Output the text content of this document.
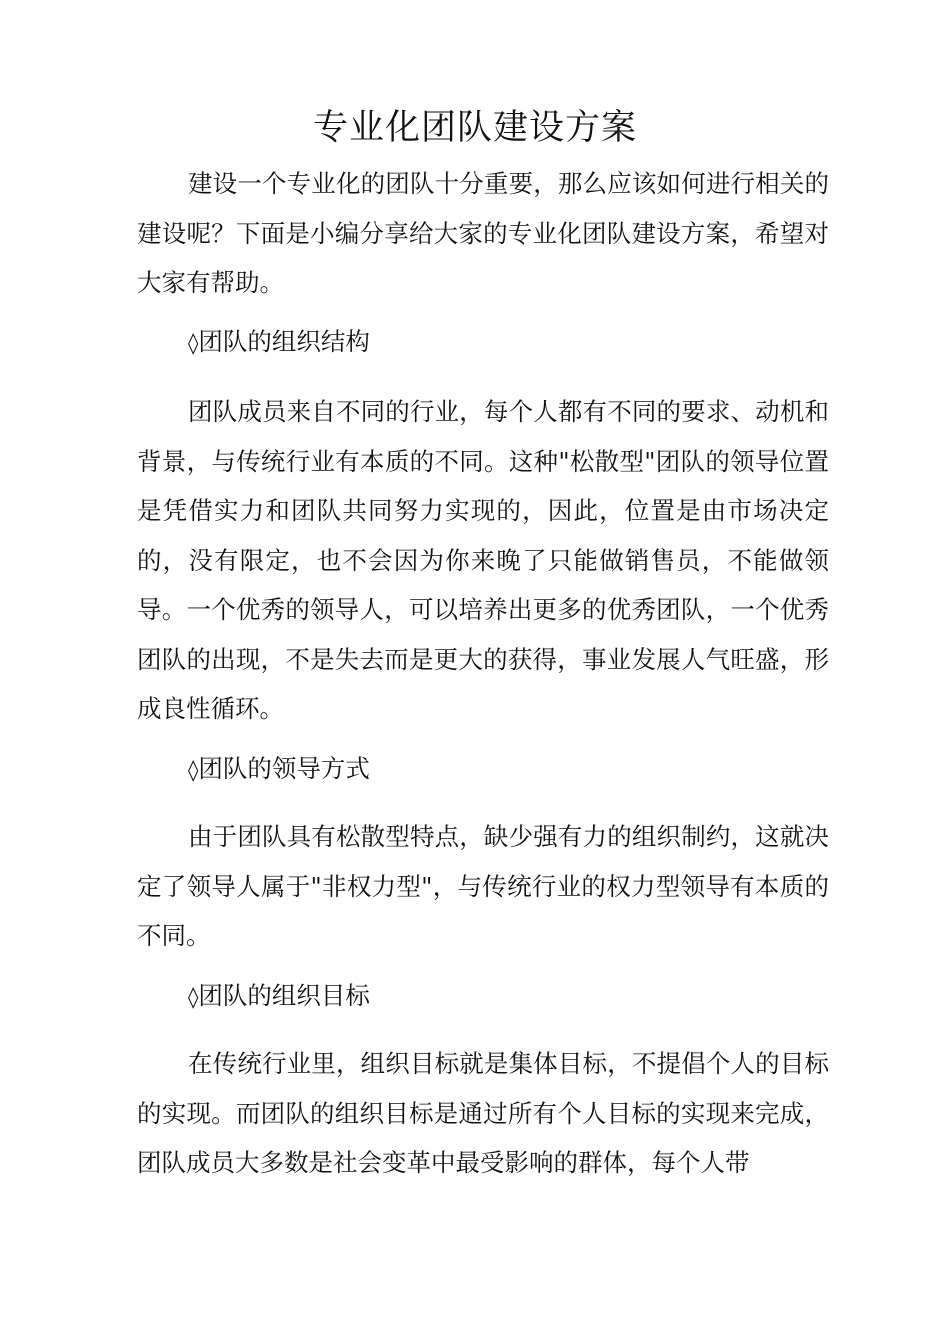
专业化团队建设方案

建设一个专业化的团队十分重要，那么应该如何进行相关的建设呢？下面是小编分享给大家的专业化团队建设方案，希望对大家有帮助。

◊团队的组织结构

团队成员来自不同的行业，每个人都有不同的要求、动机和背景，与传统行业有本质的不同。这种"松散型"团队的领导位置是凭借实力和团队共同努力实现的，因此，位置是由市场决定的，没有限定，也不会因为你来晚了只能做销售员，不能做领导。一个优秀的领导人，可以培养出更多的优秀团队，一个优秀团队的出现，不是失去而是更大的获得，事业发展人气旺盛，形成良性循环。

◊团队的领导方式

由于团队具有松散型特点，缺少强有力的组织制约，这就决定了领导人属于"非权力型"，与传统行业的权力型领导有本质的不同。

◊团队的组织目标

在传统行业里，组织目标就是集体目标，不提倡个人的目标的实现。而团队的组织目标是通过所有个人目标的实现来完成，团队成员大多数是社会变革中最受影响的群体，每个人带
